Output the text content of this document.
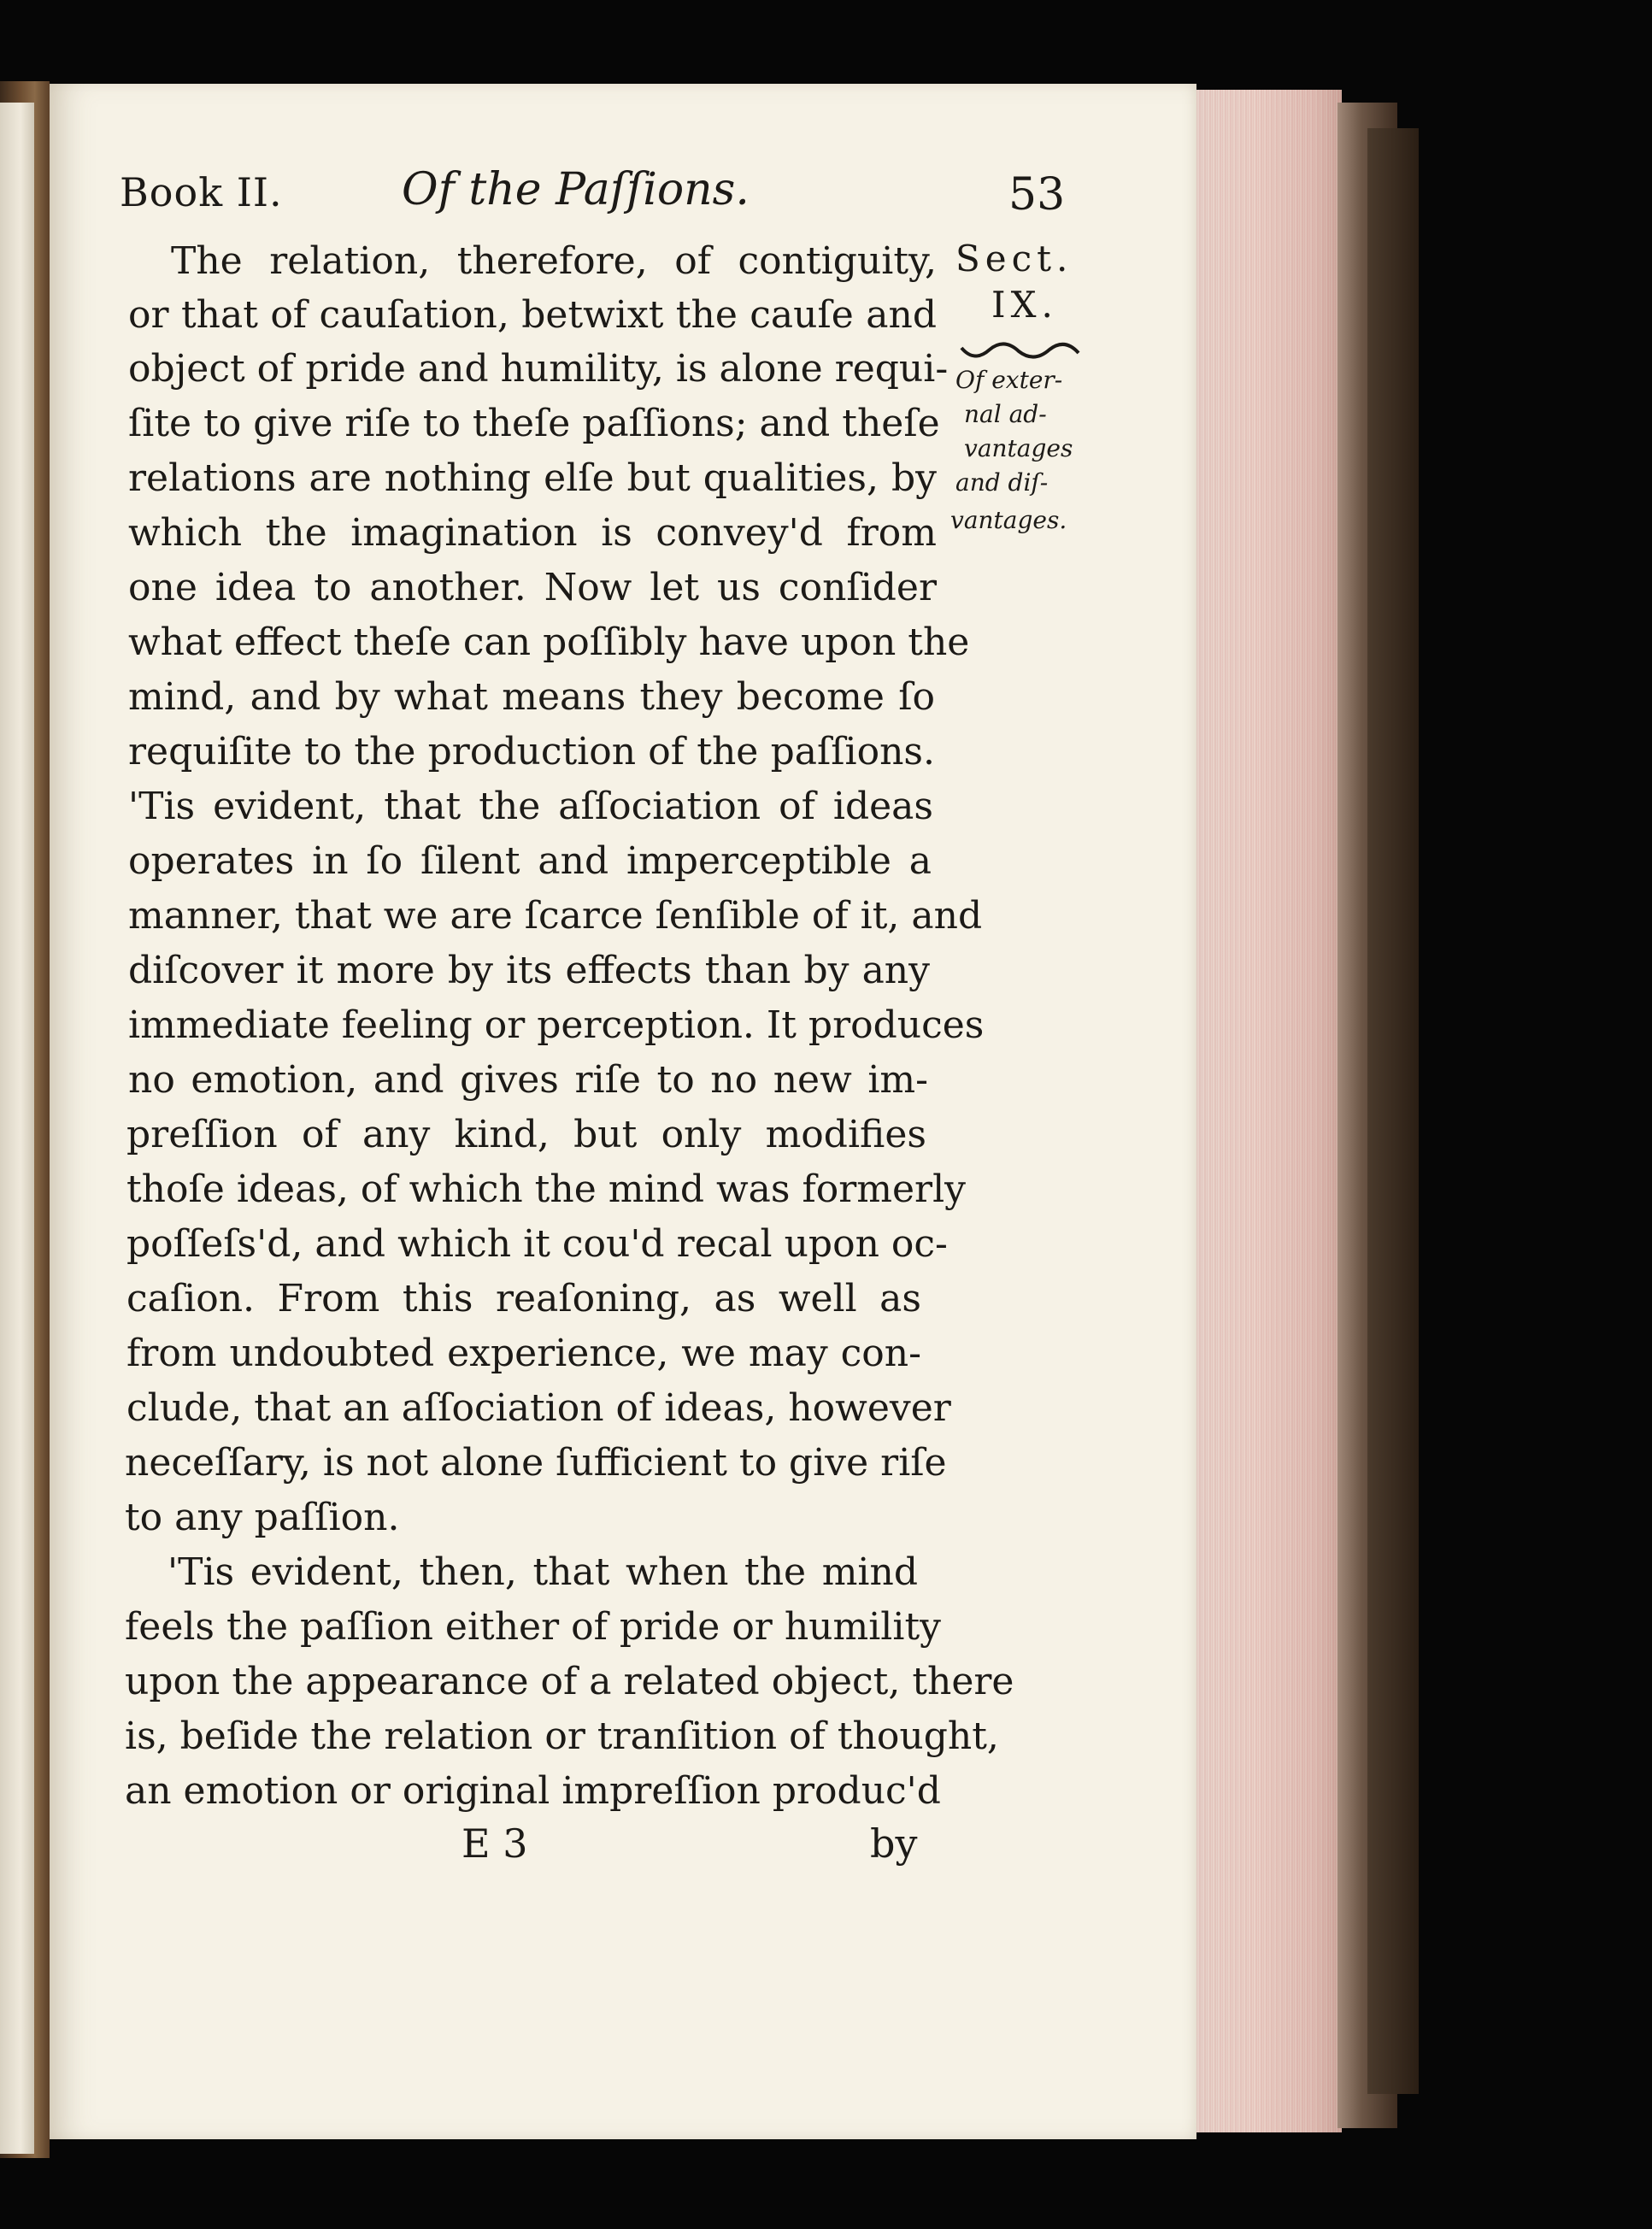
Book II.	Of the Paſſions.	53

Sect.

IX.

Of exter-

nal ad-

vantages

and diſ-

vantages.

The relation, therefore, of contiguity,

or that of cauſation, betwixt the cauſe and

object of pride and humility, is alone requi-

ſite to give riſe to theſe paſſions; and theſe

relations are nothing elſe but qualities, by

which the imagination is convey'd from

one idea to another. Now let us conſider

what effect theſe can poſſibly have upon the

mind, and by what means they become ſo

requiſite to the production of the paſſions.

'Tis evident, that the aſſociation of ideas

operates in ſo ſilent and imperceptible a

manner, that we are ſcarce ſenſible of it, and

diſcover it more by its effects than by any

immediate feeling or perception. It produces

no emotion, and gives riſe to no new im-

preſſion of any kind, but only modifies

thoſe ideas, of which the mind was formerly

poſſeſs'd, and which it cou'd recal upon oc-

caſion. From this reaſoning, as well as

from undoubted experience, we may con-

clude, that an aſſociation of ideas, however

neceſſary, is not alone ſufficient to give riſe

to any paſſion.

'Tis evident, then, that when the mind

feels the paſſion either of pride or humility

upon the appearance of a related object, there

is, beſide the relation or tranſition of thought,

an emotion or original impreſſion produc'd

E 3	by
